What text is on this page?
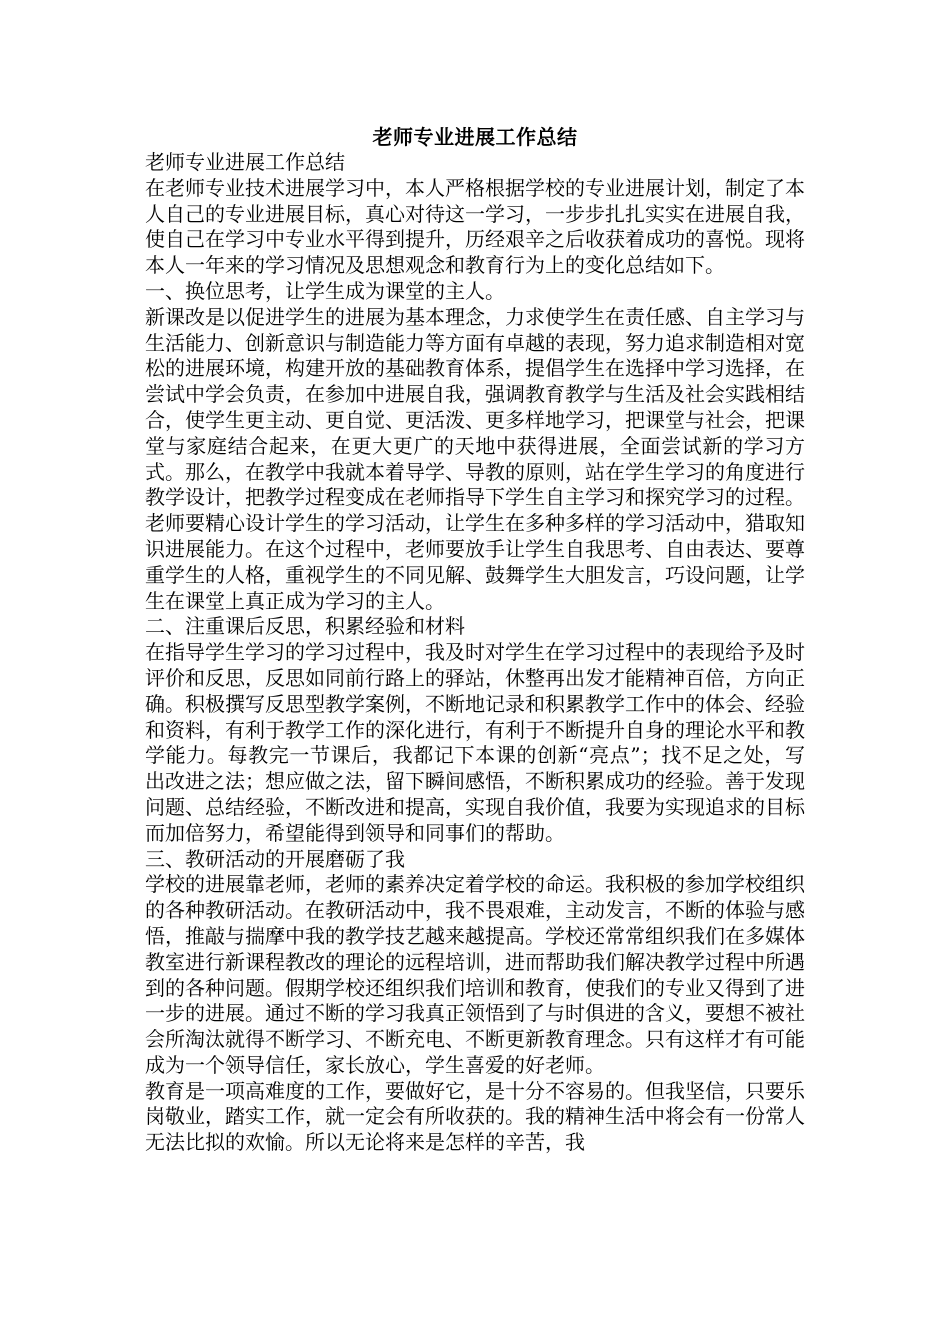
老师专业进展工作总结

老师专业进展工作总结

在老师专业技术进展学习中，本人严格根据学校的专业进展计划，制定了本人自己的专业进展目标，真心对待这一学习，一步步扎扎实实在进展自我，使自己在学习中专业水平得到提升，历经艰辛之后收获着成功的喜悦。现将本人一年来的学习情况及思想观念和教育行为上的变化总结如下。

一、换位思考，让学生成为课堂的主人。

新课改是以促进学生的进展为基本理念，力求使学生在责任感、自主学习与生活能力、创新意识与制造能力等方面有卓越的表现，努力追求制造相对宽松的进展环境，构建开放的基础教育体系，提倡学生在选择中学习选择，在尝试中学会负责，在参加中进展自我，强调教育教学与生活及社会实践相结合，使学生更主动、更自觉、更活泼、更多样地学习，把课堂与社会，把课堂与家庭结合起来，在更大更广的天地中获得进展，全面尝试新的学习方式。那么，在教学中我就本着导学、导教的原则，站在学生学习的角度进行教学设计，把教学过程变成在老师指导下学生自主学习和探究学习的过程。老师要精心设计学生的学习活动，让学生在多种多样的学习活动中，猎取知识进展能力。在这个过程中，老师要放手让学生自我思考、自由表达、要尊重学生的人格，重视学生的不同见解、鼓舞学生大胆发言，巧设问题，让学生在课堂上真正成为学习的主人。

二、注重课后反思，积累经验和材料

在指导学生学习的学习过程中，我及时对学生在学习过程中的表现给予及时评价和反思，反思如同前行路上的驿站，休整再出发才能精神百倍，方向正确。积极撰写反思型教学案例，不断地记录和积累教学工作中的体会、经验和资料，有利于教学工作的深化进行，有利于不断提升自身的理论水平和教学能力。每教完一节课后，我都记下本课的创新“亮点”；找不足之处，写出改进之法；想应做之法，留下瞬间感悟，不断积累成功的经验。善于发现问题、总结经验，不断改进和提高，实现自我价值，我要为实现追求的目标而加倍努力，希望能得到领导和同事们的帮助。

三、教研活动的开展磨砺了我

学校的进展靠老师，老师的素养决定着学校的命运。我积极的参加学校组织的各种教研活动。在教研活动中，我不畏艰难，主动发言，不断的体验与感悟，推敲与揣摩中我的教学技艺越来越提高。学校还常常组织我们在多媒体教室进行新课程教改的理论的远程培训，进而帮助我们解决教学过程中所遇到的各种问题。假期学校还组织我们培训和教育，使我们的专业又得到了进一步的进展。通过不断的学习我真正领悟到了与时俱进的含义，要想不被社会所淘汰就得不断学习、不断充电、不断更新教育理念。只有这样才有可能成为一个领导信任，家长放心，学生喜爱的好老师。

教育是一项高难度的工作，要做好它，是十分不容易的。但我坚信，只要乐岗敬业，踏实工作，就一定会有所收获的。我的精神生活中将会有一份常人无法比拟的欢愉。所以无论将来是怎样的辛苦，我
